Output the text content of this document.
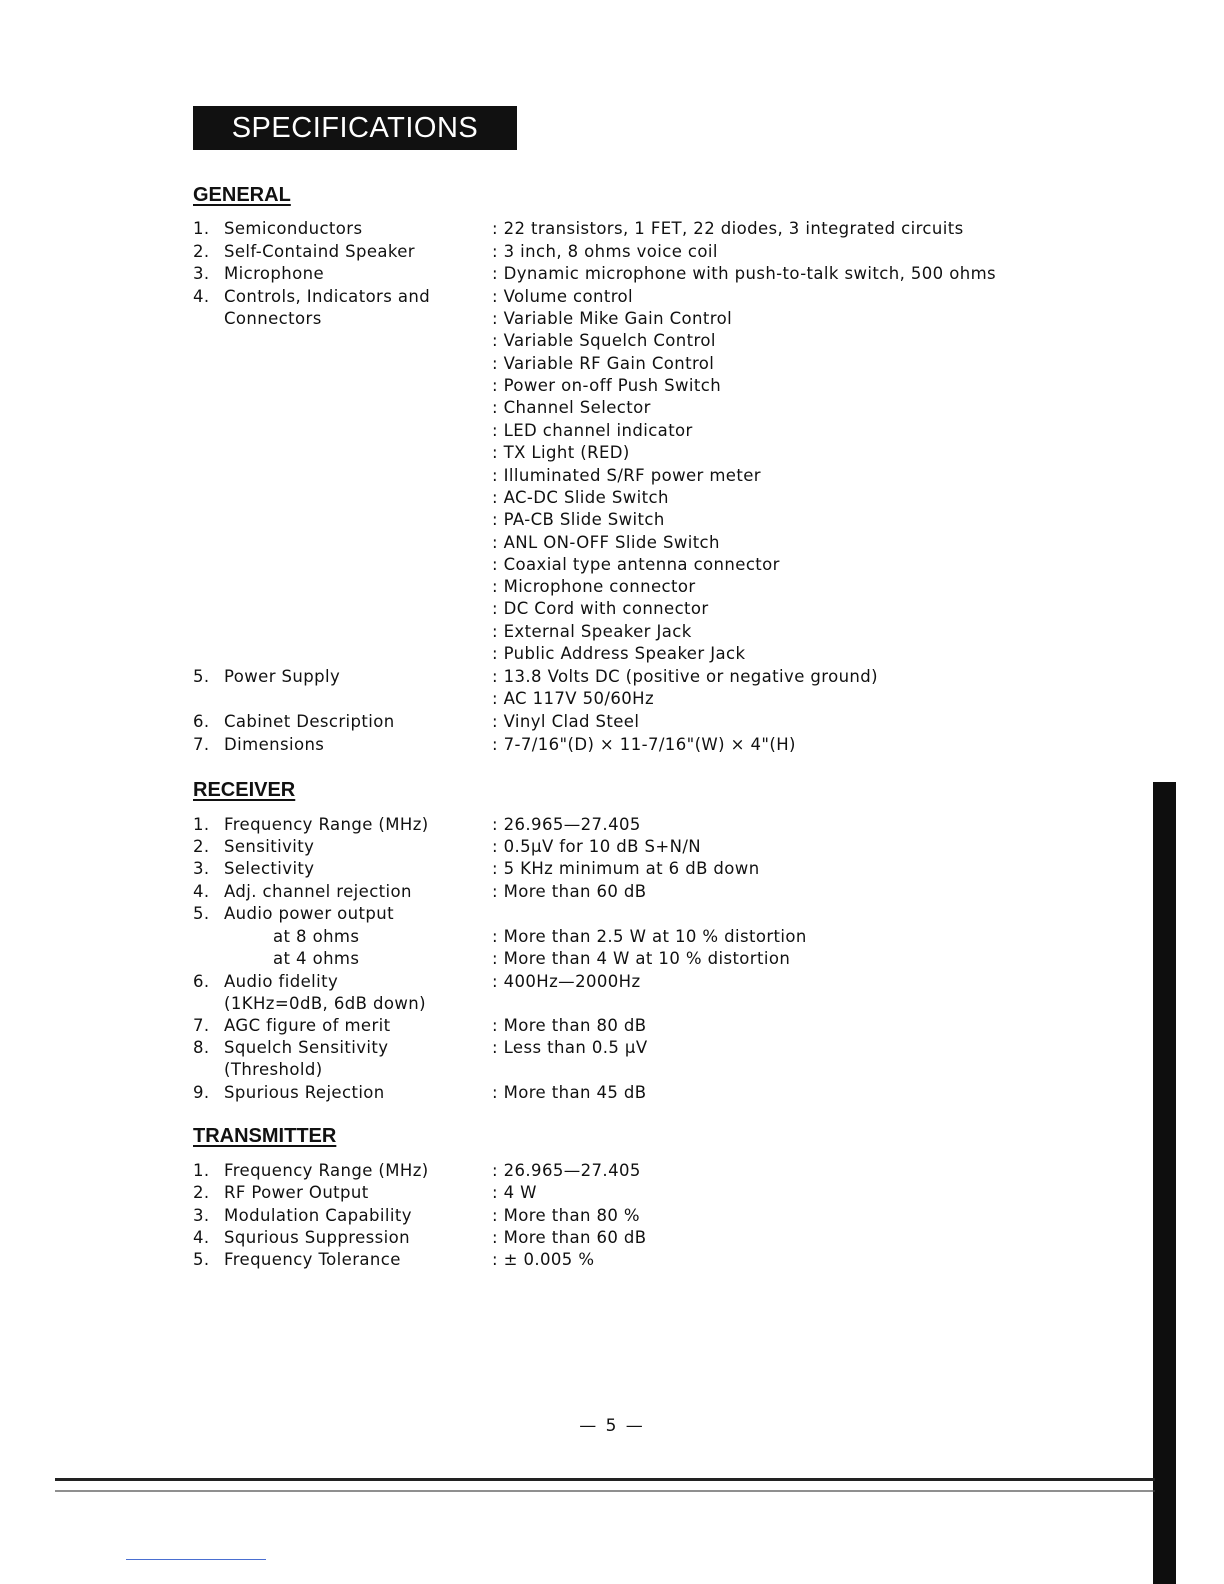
SPECIFICATIONS
GENERAL
1. Semiconductors	: 22 transistors, 1 FET, 22 diodes, 3 integrated circuits
2. Self-Containd Speaker	: 3 inch, 8 ohms voice coil
3. Microphone	: Dynamic microphone with push-to-talk switch, 500 ohms
4. Controls, Indicators and	: Volume control
Connectors	: Variable Mike Gain Control
: Variable Squelch Control
: Variable RF Gain Control
: Power on-off Push Switch
: Channel Selector
: LED channel indicator
: TX Light (RED)
: Illuminated S/RF power meter
: AC-DC Slide Switch
: PA-CB Slide Switch
: ANL ON-OFF Slide Switch
: Coaxial type antenna connector
: Microphone connector
: DC Cord with connector
: External Speaker Jack
: Public Address Speaker Jack
5. Power Supply	: 13.8 Volts DC (positive or negative ground)
: AC 117V 50/60Hz
6. Cabinet Description	: Vinyl Clad Steel
7. Dimensions	: 7-7/16"(D) × 11-7/16"(W) × 4"(H)
RECEIVER
1. Frequency Range (MHz)	: 26.965—27.405
2. Sensitivity	: 0.5μV for 10 dB S+N/N
3. Selectivity	: 5 KHz minimum at 6 dB down
4. Adj. channel rejection	: More than 60 dB
5. Audio power output
at 8 ohms	: More than 2.5 W at 10 % distortion
at 4 ohms	: More than 4 W at 10 % distortion
6. Audio fidelity	: 400Hz—2000Hz
(1KHz=0dB, 6dB down)
7. AGC figure of merit	: More than 80 dB
8. Squelch Sensitivity	: Less than 0.5 μV
(Threshold)
9. Spurious Rejection	: More than 45 dB
TRANSMITTER
1. Frequency Range (MHz)	: 26.965—27.405
2. RF Power Output	: 4 W
3. Modulation Capability	: More than 80 %
4. Squrious Suppression	: More than 60 dB
5. Frequency Tolerance	: ± 0.005 %
— 5 —
